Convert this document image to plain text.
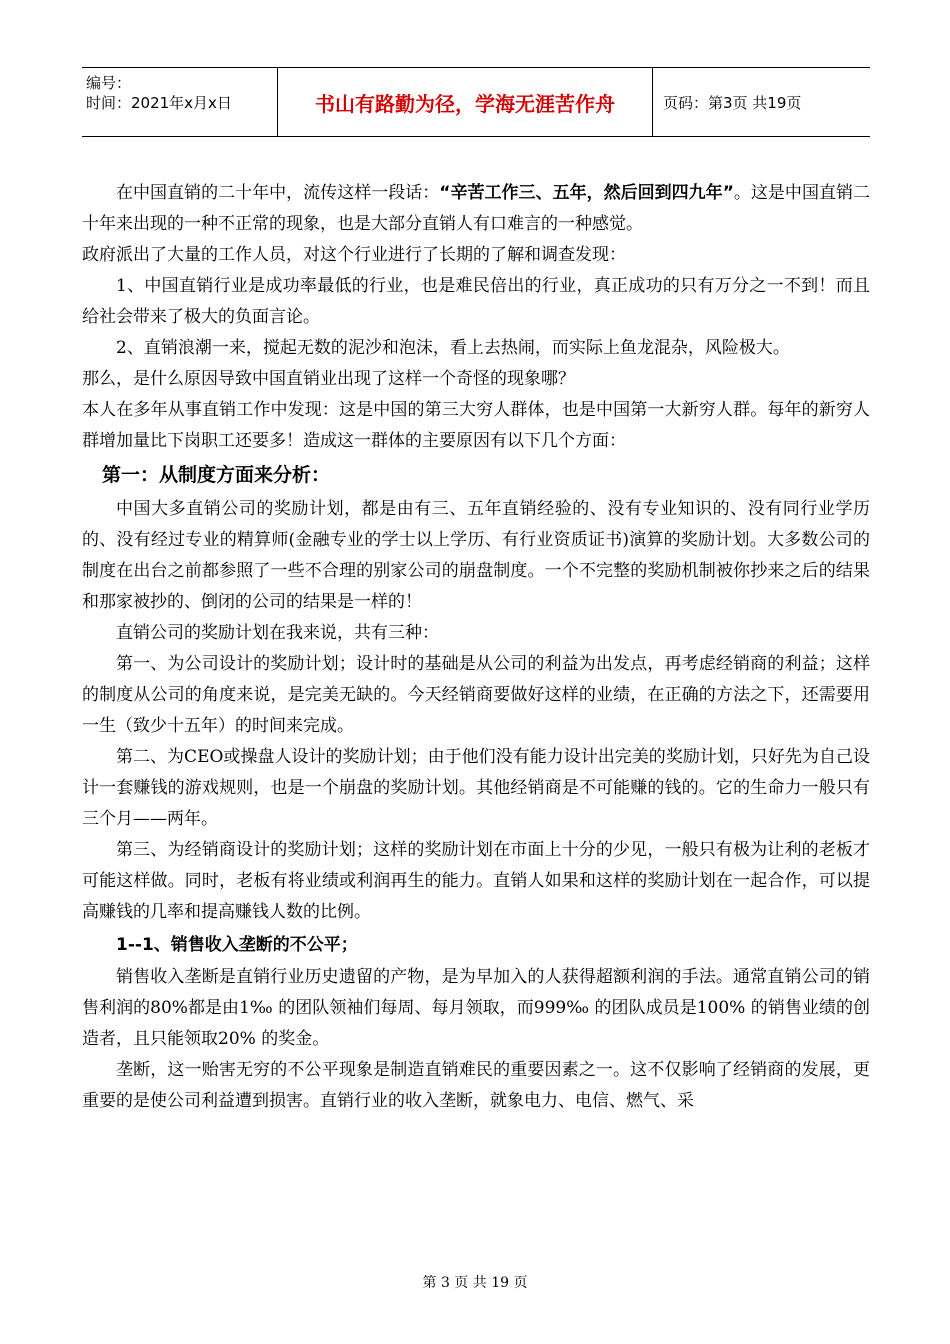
编号：
时间：2021年x月x日	书山有路勤为径，学海无涯苦作舟	页码：第3页 共19页

在中国直销的二十年中，流传这样一段话：“辛苦工作三、五年，然后回到四九年”。这是中国直销二十年来出现的一种不正常的现象，也是大部分直销人有口难言的一种感觉。

政府派出了大量的工作人员，对这个行业进行了长期的了解和调查发现：

1、中国直销行业是成功率最低的行业，也是难民倍出的行业，真正成功的只有万分之一不到！而且给社会带来了极大的负面言论。

2、直销浪潮一来，搅起无数的泥沙和泡沫，看上去热闹，而实际上鱼龙混杂，风险极大。

那么，是什么原因导致中国直销业出现了这样一个奇怪的现象哪？

本人在多年从事直销工作中发现：这是中国的第三大穷人群体，也是中国第一大新穷人群。每年的新穷人群增加量比下岗职工还要多！造成这一群体的主要原因有以下几个方面：

第一：从制度方面来分析：

中国大多直销公司的奖励计划，都是由有三、五年直销经验的、没有专业知识的、没有同行业学历的、没有经过专业的精算师(金融专业的学士以上学历、有行业资质证书)演算的奖励计划。大多数公司的制度在出台之前都参照了一些不合理的别家公司的崩盘制度。一个不完整的奖励机制被你抄来之后的结果和那家被抄的、倒闭的公司的结果是一样的！

直销公司的奖励计划在我来说，共有三种：

第一、为公司设计的奖励计划；设计时的基础是从公司的利益为出发点，再考虑经销商的利益；这样的制度从公司的角度来说，是完美无缺的。今天经销商要做好这样的业绩，在正确的方法之下，还需要用一生（致少十五年）的时间来完成。

第二、为CEO或操盘人设计的奖励计划；由于他们没有能力设计出完美的奖励计划，只好先为自己设计一套赚钱的游戏规则，也是一个崩盘的奖励计划。其他经销商是不可能赚的钱的。它的生命力一般只有三个月——两年。

第三、为经销商设计的奖励计划；这样的奖励计划在市面上十分的少见，一般只有极为让利的老板才可能这样做。同时，老板有将业绩或利润再生的能力。直销人如果和这样的奖励计划在一起合作，可以提高赚钱的几率和提高赚钱人数的比例。

1--1、销售收入垄断的不公平；

销售收入垄断是直销行业历史遗留的产物，是为早加入的人获得超额利润的手法。通常直销公司的销售利润的80%都是由1‰ 的团队领袖们每周、每月领取，而999‰ 的团队成员是100% 的销售业绩的创造者，且只能领取20% 的奖金。

垄断，这一贻害无穷的不公平现象是制造直销难民的重要因素之一。这不仅影响了经销商的发展，更重要的是使公司利益遭到损害。直销行业的收入垄断，就象电力、电信、燃气、采

第 3 页 共 19 页
